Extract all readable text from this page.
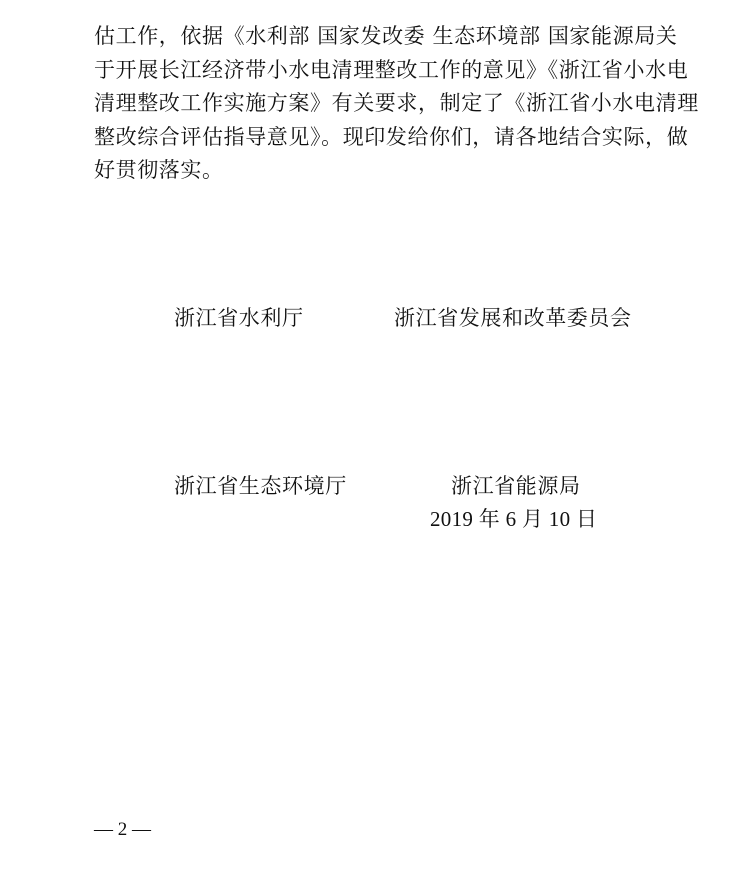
估工作，依据《水利部 国家发改委 生态环境部 国家能源局关
于开展长江经济带小水电清理整改工作的意见》《浙江省小水电
清理整改工作实施方案》有关要求，制定了《浙江省小水电清理
整改综合评估指导意见》。现印发给你们，请各地结合实际，做
好贯彻落实。
浙江省水利厅	浙江省发展和改革委员会
浙江省生态环境厅	浙江省能源局
2019 年 6 月 10 日
— 2 —
